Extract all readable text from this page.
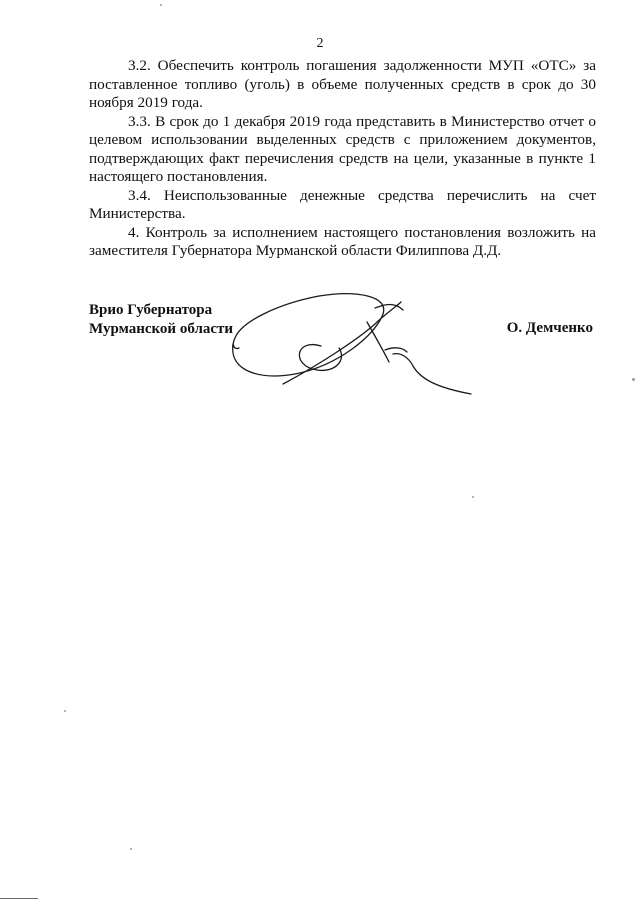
2

3.2. Обеспечить контроль погашения задолженности МУП «ОТС» за поставленное топливо (уголь) в объеме полученных средств в срок до 30 ноября 2019 года.

3.3. В срок до 1 декабря 2019 года представить в Министерство отчет о целевом использовании выделенных средств с приложением документов, подтверждающих факт перечисления средств на цели, указанные в пункте 1 настоящего постановления.

3.4. Неиспользованные денежные средства перечислить на счет Министерства.

4. Контроль за исполнением настоящего постановления возложить на заместителя Губернатора Мурманской области Филиппова Д.Д.

Врио Губернатора
Мурманской области	О. Демченко
